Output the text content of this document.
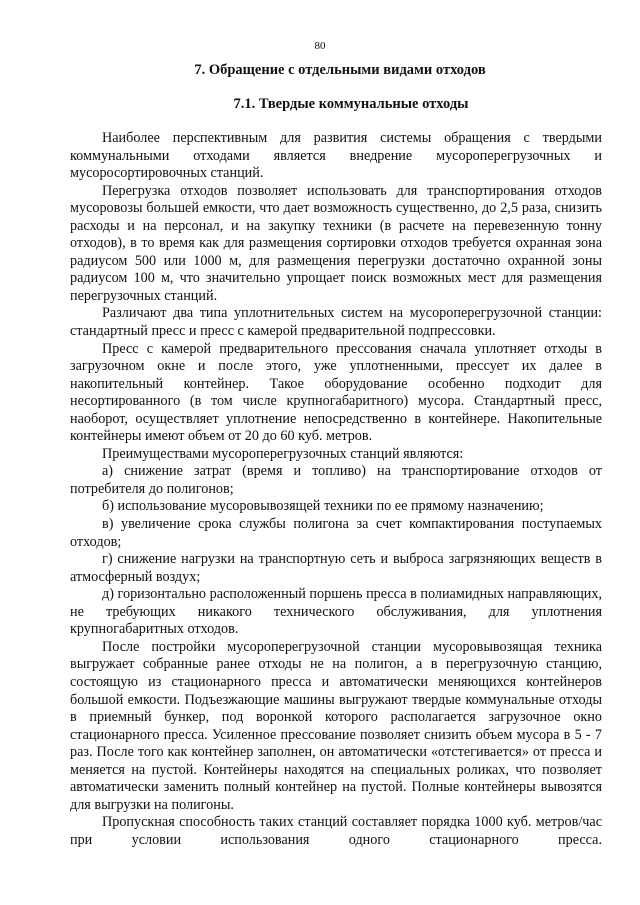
80
7. Обращение с отдельными видами отходов
7.1. Твердые коммунальные отходы

Наиболее перспективным для развития системы обращения с твердыми коммунальными отходами является внедрение мусороперегрузочных и мусоросортировочных станций.

Перегрузка отходов позволяет использовать для транспортирования отходов мусоровозы большей емкости, что дает возможность существенно, до 2,5 раза, снизить расходы и на персонал, и на закупку техники (в расчете на перевезенную тонну отходов), в то время как для размещения сортировки отходов требуется охранная зона радиусом 500 или 1000 м, для размещения перегрузки достаточно охранной зоны радиусом 100 м, что значительно упрощает поиск возможных мест для размещения перегрузочных станций.

Различают два типа уплотнительных систем на мусороперегрузочной станции: стандартный пресс и пресс с камерой предварительной подпрессовки.

Пресс с камерой предварительного прессования сначала уплотняет отходы в загрузочном окне и после этого, уже уплотненными, прессует их далее в накопительный контейнер. Такое оборудование особенно подходит для несортированного (в том числе крупногабаритного) мусора. Стандартный пресс, наоборот, осуществляет уплотнение непосредственно в контейнере. Накопительные контейнеры имеют объем от 20 до 60 куб. метров.

Преимуществами мусороперегрузочных станций являются:

а) снижение затрат (время и топливо) на транспортирование отходов от потребителя до полигонов;

б) использование мусоровывозящей техники по ее прямому назначению;

в) увеличение срока службы полигона за счет компактирования поступаемых отходов;

г) снижение нагрузки на транспортную сеть и выброса загрязняющих веществ в атмосферный воздух;

д) горизонтально расположенный поршень пресса в полиамидных направляющих, не требующих никакого технического обслуживания, для уплотнения крупногабаритных отходов.

После постройки мусороперегрузочной станции мусоровывозящая техника выгружает собранные ранее отходы не на полигон, а в перегрузочную станцию, состоящую из стационарного пресса и автоматически меняющихся контейнеров большой емкости. Подъезжающие машины выгружают твердые коммунальные отходы в приемный бункер, под воронкой которого располагается загрузочное окно стационарного пресса. Усиленное прессование позволяет снизить объем мусора в 5 - 7 раз. После того как контейнер заполнен, он автоматически «отстегивается» от пресса и меняется на пустой. Контейнеры находятся на специальных роликах, что позволяет автоматически заменить полный контейнер на пустой. Полные контейнеры вывозятся для выгрузки на полигоны.

Пропускная способность таких станций составляет порядка 1000 куб. метров/час при условии использования одного стационарного пресса.
